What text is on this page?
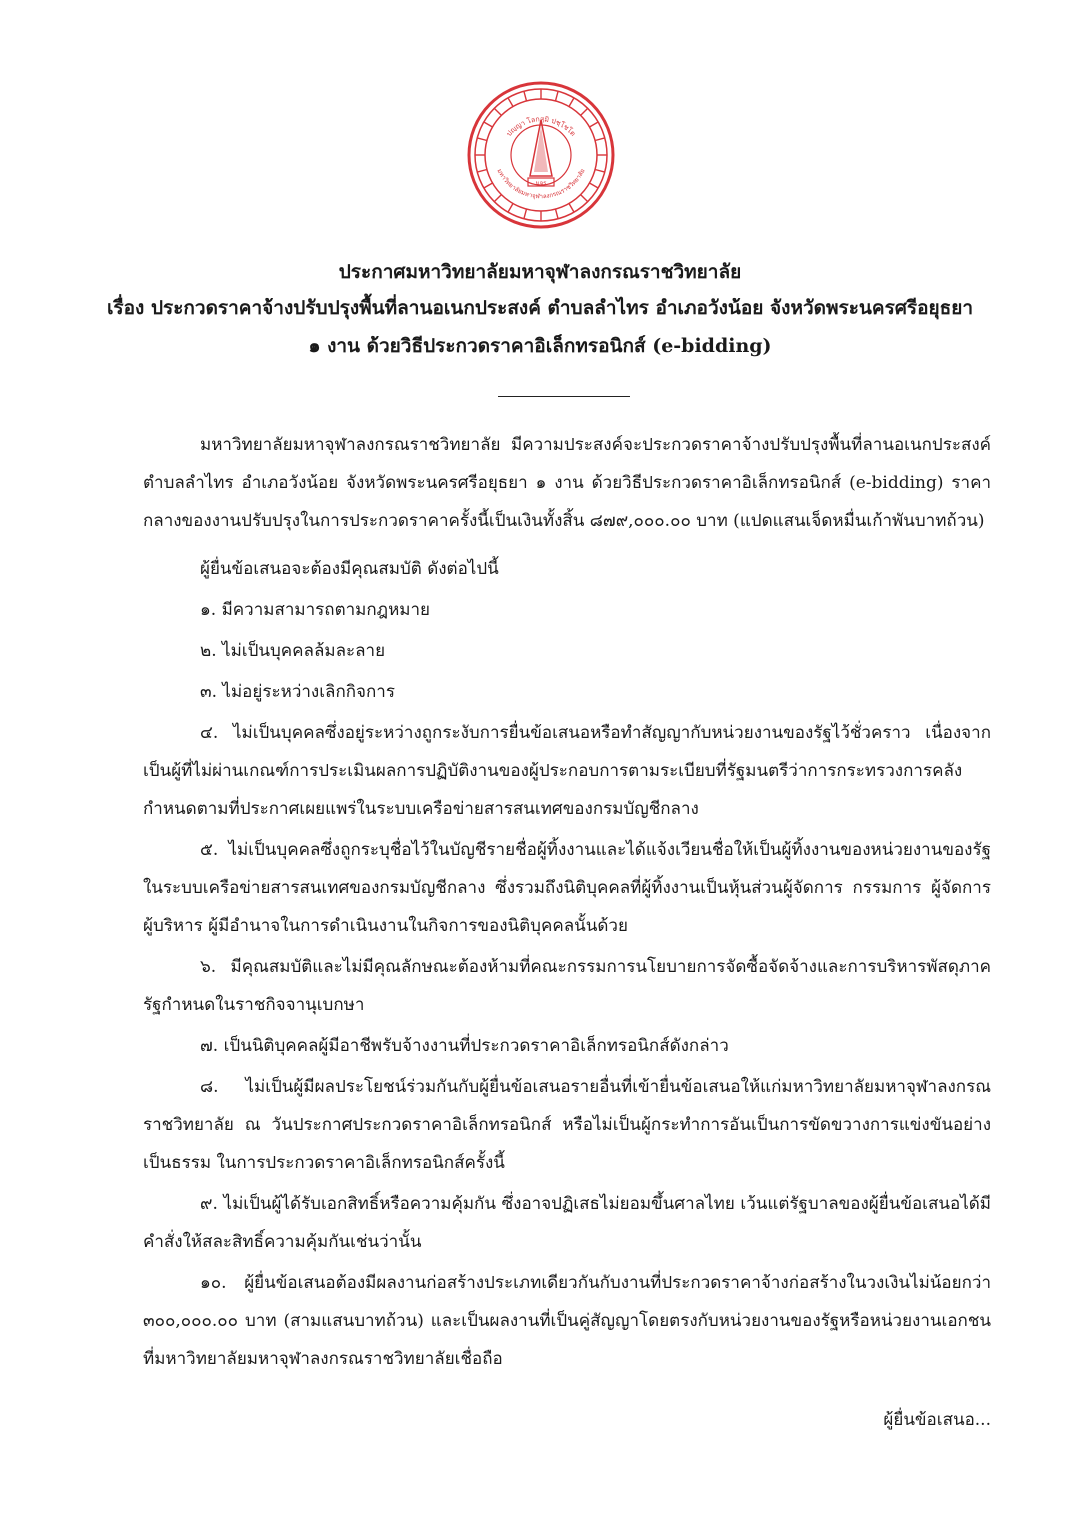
มจร
ปญฺญา โลกสฺมิ ปชฺโชโต
มหาวิทยาลัยมหาจุฬาลงกรณราชวิทยาลัย
ประกาศมหาวิทยาลัยมหาจุฬาลงกรณราชวิทยาลัย
เรื่อง ประกวดราคาจ้างปรับปรุงพื้นที่ลานอเนกประสงค์ ตำบลลำไทร อำเภอวังน้อย จังหวัดพระนครศรีอยุธยา
๑ งาน ด้วยวิธีประกวดราคาอิเล็กทรอนิกส์ (e-bidding)

มหาวิทยาลัยมหาจุฬาลงกรณราชวิทยาลัย มีความประสงค์จะประกวดราคาจ้างปรับปรุงพื้นที่ลานอเนกประสงค์ ตำบลลำไทร อำเภอวังน้อย จังหวัดพระนครศรีอยุธยา ๑ งาน ด้วยวิธีประกวดราคาอิเล็กทรอนิกส์ (e-bidding) ราคากลางของงานปรับปรุงในการประกวดราคาครั้งนี้เป็นเงินทั้งสิ้น ๘๗๙,๐๐๐.๐๐ บาท (แปดแสนเจ็ดหมื่นเก้าพันบาทถ้วน)

ผู้ยื่นข้อเสนอจะต้องมีคุณสมบัติ ดังต่อไปนี้

๑. มีความสามารถตามกฎหมาย

๒. ไม่เป็นบุคคลล้มละลาย

๓. ไม่อยู่ระหว่างเลิกกิจการ

๔. ไม่เป็นบุคคลซึ่งอยู่ระหว่างถูกระงับการยื่นข้อเสนอหรือทำสัญญากับหน่วยงานของรัฐไว้ชั่วคราว เนื่องจากเป็นผู้ที่ไม่ผ่านเกณฑ์การประเมินผลการปฏิบัติงานของผู้ประกอบการตามระเบียบที่รัฐมนตรีว่าการกระทรวงการคลังกำหนดตามที่ประกาศเผยแพร่ในระบบเครือข่ายสารสนเทศของกรมบัญชีกลาง

๕. ไม่เป็นบุคคลซึ่งถูกระบุชื่อไว้ในบัญชีรายชื่อผู้ทิ้งงานและได้แจ้งเวียนชื่อให้เป็นผู้ทิ้งงานของหน่วยงานของรัฐในระบบเครือข่ายสารสนเทศของกรมบัญชีกลาง ซึ่งรวมถึงนิติบุคคลที่ผู้ทิ้งงานเป็นหุ้นส่วนผู้จัดการ กรรมการ ผู้จัดการ ผู้บริหาร ผู้มีอำนาจในการดำเนินงานในกิจการของนิติบุคคลนั้นด้วย

๖. มีคุณสมบัติและไม่มีคุณลักษณะต้องห้ามที่คณะกรรมการนโยบายการจัดซื้อจัดจ้างและการบริหารพัสดุภาครัฐกำหนดในราชกิจจานุเบกษา

๗. เป็นนิติบุคคลผู้มีอาชีพรับจ้างงานที่ประกวดราคาอิเล็กทรอนิกส์ดังกล่าว

๘. ไม่เป็นผู้มีผลประโยชน์ร่วมกันกับผู้ยื่นข้อเสนอรายอื่นที่เข้ายื่นข้อเสนอให้แก่มหาวิทยาลัยมหาจุฬาลงกรณราชวิทยาลัย ณ วันประกาศประกวดราคาอิเล็กทรอนิกส์ หรือไม่เป็นผู้กระทำการอันเป็นการขัดขวางการแข่งขันอย่างเป็นธรรม ในการประกวดราคาอิเล็กทรอนิกส์ครั้งนี้

๙. ไม่เป็นผู้ได้รับเอกสิทธิ์หรือความคุ้มกัน ซึ่งอาจปฏิเสธไม่ยอมขึ้นศาลไทย เว้นแต่รัฐบาลของผู้ยื่นข้อเสนอได้มีคำสั่งให้สละสิทธิ์ความคุ้มกันเช่นว่านั้น

๑๐. ผู้ยื่นข้อเสนอต้องมีผลงานก่อสร้างประเภทเดียวกันกับงานที่ประกวดราคาจ้างก่อสร้างในวงเงินไม่น้อยกว่า ๓๐๐,๐๐๐.๐๐ บาท (สามแสนบาทถ้วน) และเป็นผลงานที่เป็นคู่สัญญาโดยตรงกับหน่วยงานของรัฐหรือหน่วยงานเอกชนที่มหาวิทยาลัยมหาจุฬาลงกรณราชวิทยาลัยเชื่อถือ

ผู้ยื่นข้อเสนอ...
